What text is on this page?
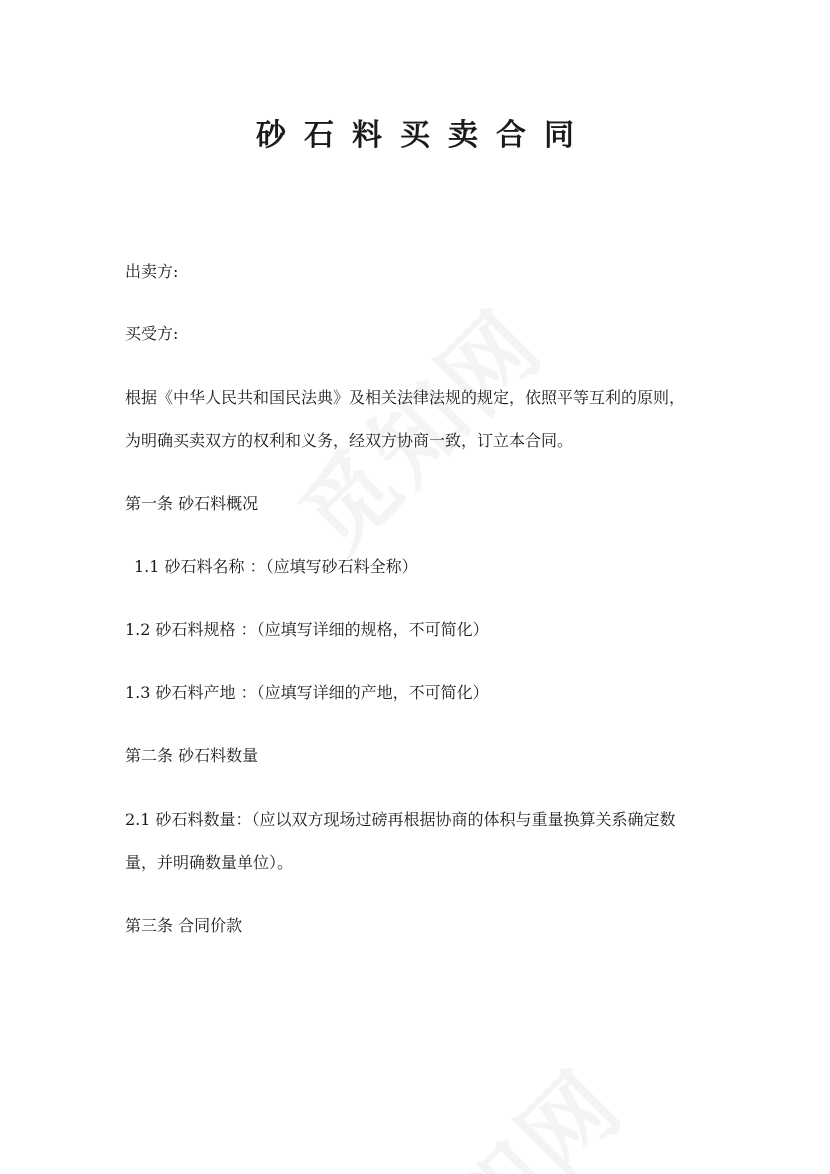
砂石料买卖合同
出卖方:
买受方:
根据《中华人民共和国民法典》及相关法律法规的规定，依照平等互利的原则，
为明确买卖双方的权利和义务，经双方协商一致，订立本合同。
第一条 砂石料概况
1.1 砂石料名称 ：（应填写砂石料全称）
1.2 砂石料规格 ：（应填写详细的规格，不可简化）
1.3 砂石料产地 ：（应填写详细的产地，不可简化）
第二条 砂石料数量
2.1 砂石料数量：（应以双方现场过磅再根据协商的体积与重量换算关系确定数
量，并明确数量单位）。
第三条 合同价款
